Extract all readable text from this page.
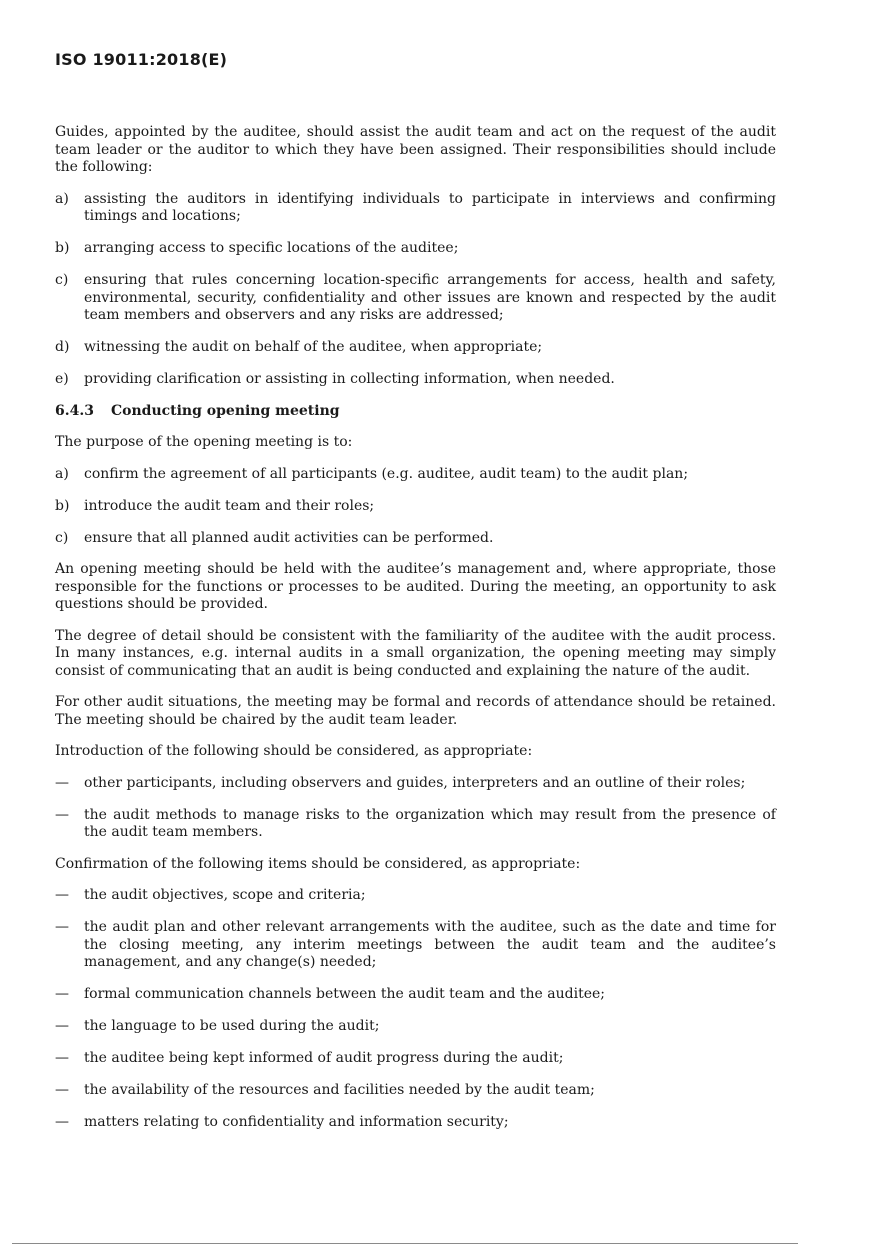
ISO 19011:2018(E)

Guides, appointed by the auditee, should assist the audit team and act on the request of the audit team leader or the auditor to which they have been assigned. Their responsibilities should include the following:

a)	assisting the auditors in identifying individuals to participate in interviews and confirming timings and locations;
b)	arranging access to specific locations of the auditee;
c)	ensuring that rules concerning location-specific arrangements for access, health and safety, environmental, security, confidentiality and other issues are known and respected by the audit team members and observers and any risks are addressed;
d)	witnessing the audit on behalf of the auditee, when appropriate;
e)	providing clarification or assisting in collecting information, when needed.
6.4.3	Conducting opening meeting

The purpose of the opening meeting is to:

a)	confirm the agreement of all participants (e.g. auditee, audit team) to the audit plan;
b)	introduce the audit team and their roles;
c)	ensure that all planned audit activities can be performed.

An opening meeting should be held with the auditee’s management and, where appropriate, those responsible for the functions or processes to be audited. During the meeting, an opportunity to ask questions should be provided.

The degree of detail should be consistent with the familiarity of the auditee with the audit process. In many instances, e.g. internal audits in a small organization, the opening meeting may simply consist of communicating that an audit is being conducted and explaining the nature of the audit.

For other audit situations, the meeting may be formal and records of attendance should be retained. The meeting should be chaired by the audit team leader.

Introduction of the following should be considered, as appropriate:

—	other participants, including observers and guides, interpreters and an outline of their roles;
—	the audit methods to manage risks to the organization which may result from the presence of the audit team members.

Confirmation of the following items should be considered, as appropriate:

—	the audit objectives, scope and criteria;
—	the audit plan and other relevant arrangements with the auditee, such as the date and time for the closing meeting, any interim meetings between the audit team and the auditee’s management, and any change(s) needed;
—	formal communication channels between the audit team and the auditee;
—	the language to be used during the audit;
—	the auditee being kept informed of audit progress during the audit;
—	the availability of the resources and facilities needed by the audit team;
—	matters relating to confidentiality and information security;
